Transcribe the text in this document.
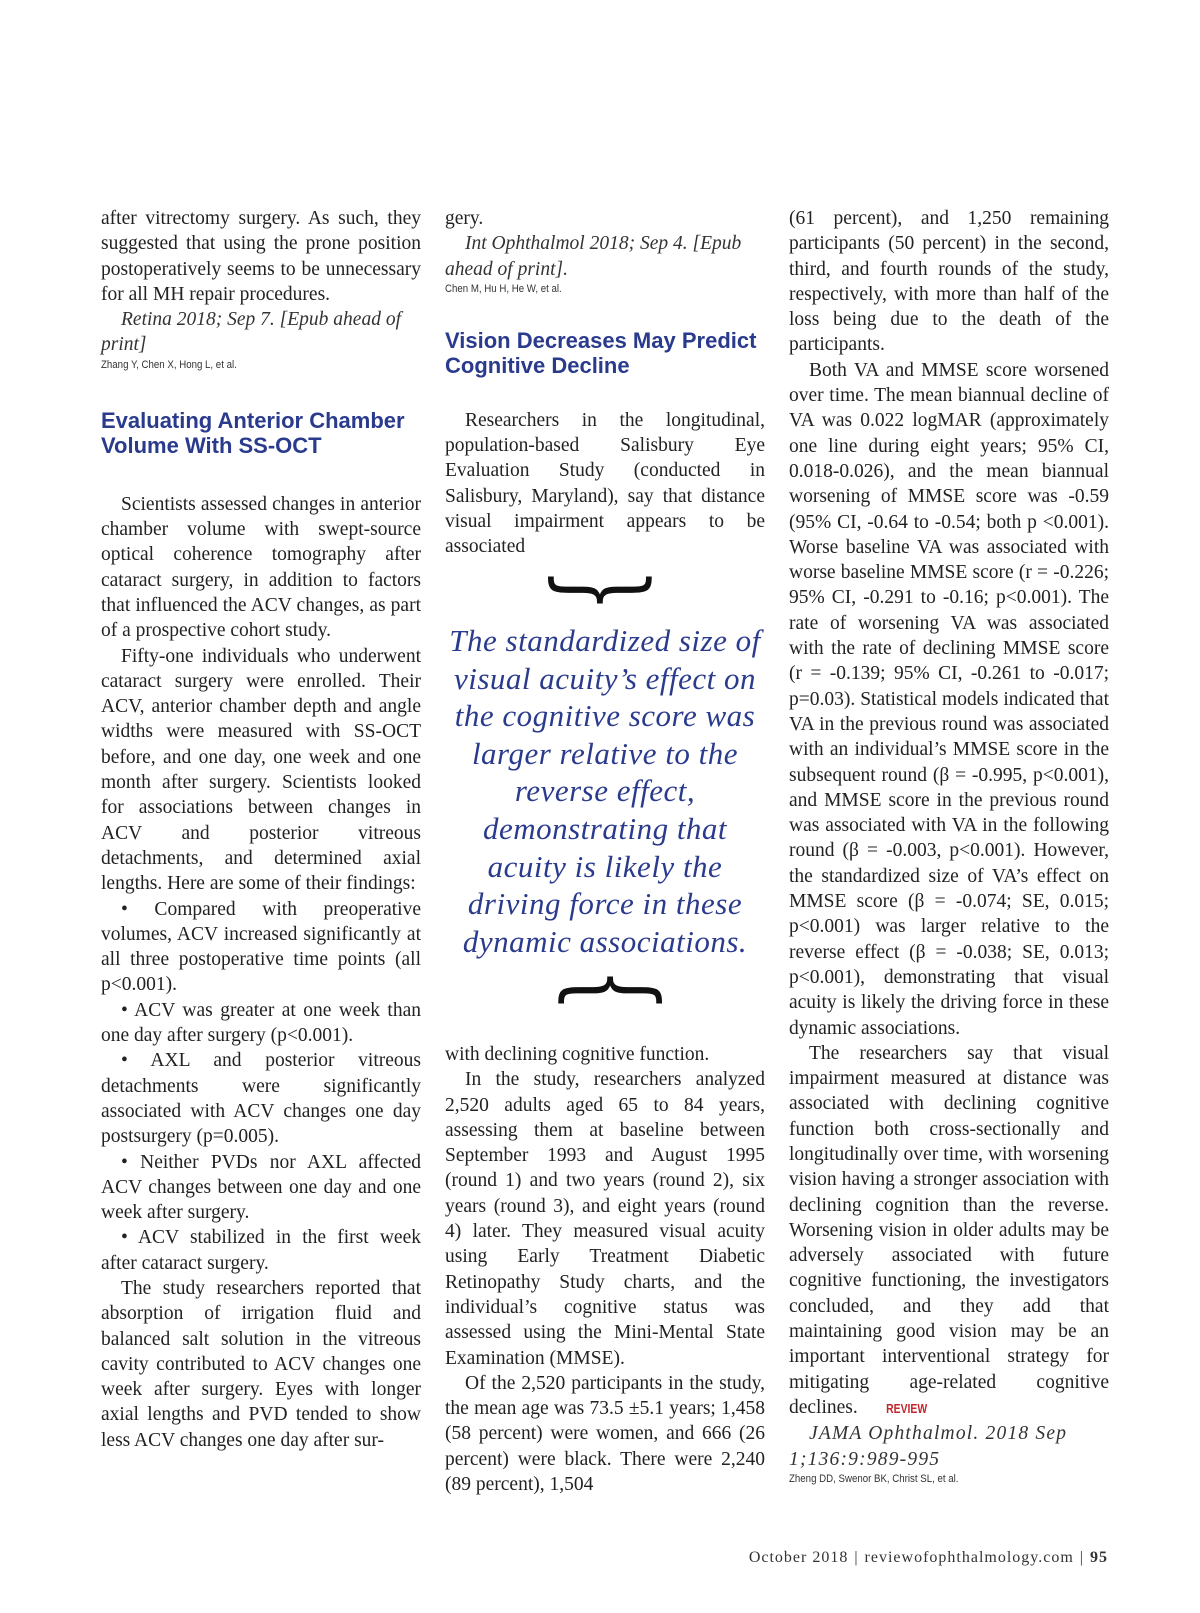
after vitrectomy surgery. As such, they suggested that using the prone position postoperatively seems to be unnecessary for all MH repair procedures.

Retina 2018; Sep 7. [Epub ahead of print]

Zhang Y, Chen X, Hong L, et al.

Evaluating Anterior Chamber Volume With SS-OCT

Scientists assessed changes in anterior chamber volume with swept-source optical coherence tomography after cataract surgery, in addition to factors that influenced the ACV changes, as part of a prospective cohort study.

Fifty-one individuals who underwent cataract surgery were enrolled. Their ACV, anterior chamber depth and angle widths were measured with SS-OCT before, and one day, one week and one month after surgery. Scientists looked for associations between changes in ACV and posterior vitreous detachments, and determined axial lengths. Here are some of their findings:

• Compared with preoperative volumes, ACV increased significantly at all three postoperative time points (all p<0.001).

• ACV was greater at one week than one day after surgery (p<0.001).

• AXL and posterior vitreous detachments were significantly associated with ACV changes one day postsurgery (p=0.005).

• Neither PVDs nor AXL affected ACV changes between one day and one week after surgery.

• ACV stabilized in the first week after cataract surgery.

The study researchers reported that absorption of irrigation fluid and balanced salt solution in the vitreous cavity contributed to ACV changes one week after surgery. Eyes with longer axial lengths and PVD tended to show less ACV changes one day after sur-

gery.

Int Ophthalmol 2018; Sep 4. [Epub ahead of print].

Chen M, Hu H, He W, et al.

Vision Decreases May Predict Cognitive Decline

Researchers in the longitudinal, population-based Salisbury Eye Evaluation Study (conducted in Salisbury, Maryland), say that distance visual impairment appears to be associated

}
The standardized size of visual acuity’s effect on the cognitive score was larger relative to the reverse effect, demonstrating that acuity is likely the driving force in these dynamic associations.
}

with declining cognitive function.

In the study, researchers analyzed 2,520 adults aged 65 to 84 years, assessing them at baseline between September 1993 and August 1995 (round 1) and two years (round 2), six years (round 3), and eight years (round 4) later. They measured visual acuity using Early Treatment Diabetic Retinopathy Study charts, and the individual’s cognitive status was assessed using the Mini-Mental State Examination (MMSE).

Of the 2,520 participants in the study, the mean age was 73.5 ±5.1 years; 1,458 (58 percent) were women, and 666 (26 percent) were black. There were 2,240 (89 percent), 1,504

(61 percent), and 1,250 remaining participants (50 percent) in the second, third, and fourth rounds of the study, respectively, with more than half of the loss being due to the death of the participants.

Both VA and MMSE score worsened over time. The mean biannual decline of VA was 0.022 logMAR (approximately one line during eight years; 95% CI, 0.018-0.026), and the mean biannual worsening of MMSE score was -0.59 (95% CI, -0.64 to -0.54; both p <0.001). Worse baseline VA was associated with worse baseline MMSE score (r = -0.226; 95% CI, -0.291 to -0.16; p<0.001). The rate of worsening VA was associated with the rate of declining MMSE score (r = -0.139; 95% CI, -0.261 to -0.017; p=0.03). Statistical models indicated that VA in the previous round was associated with an individual’s MMSE score in the subsequent round (β = -0.995, p<0.001), and MMSE score in the previous round was associated with VA in the following round (β = -0.003, p<0.001). However, the standardized size of VA’s effect on MMSE score (β = -0.074; SE, 0.015; p<0.001) was larger relative to the reverse effect (β = -0.038; SE, 0.013; p<0.001), demonstrating that visual acuity is likely the driving force in these dynamic associations.

The researchers say that visual impairment measured at distance was associated with declining cognitive function both cross-sectionally and longitudinally over time, with worsening vision having a stronger association with declining cognition than the reverse. Worsening vision in older adults may be adversely associated with future cognitive functioning, the investigators concluded, and they add that maintaining good vision may be an important interventional strategy for mitigating age-related cognitive declines. REVIEW

JAMA Ophthalmol. 2018 Sep 1;136:9:989-995

Zheng DD, Swenor BK, Christ SL, et al.

October 2018 | reviewofophthalmology.com | 95
